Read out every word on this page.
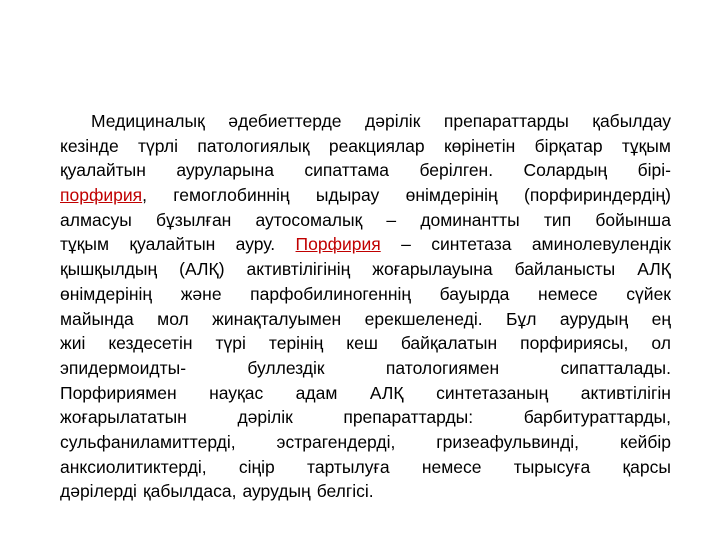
Медициналық әдебиеттерде дәрілік препараттарды қабылдау
кезінде түрлі патологиялық реакциялар көрінетін бірқатар тұқым
қуалайтын ауруларына сипаттама берілген. Солардың бірі-
порфирия, гемоглобиннің ыдырау өнімдерінің (порфириндердің)
алмасуы бұзылған аутосомалық – доминантты тип бойынша
тұқым қуалайтын ауру. Порфирия – синтетаза аминолевулендік
қышқылдың (АЛҚ) активтілігінің жоғарылауына байланысты АЛҚ
өнімдерінің және парфобилиногеннің бауырда немесе сүйек
майында мол жинақталуымен ерекшеленеді. Бұл аурудың ең
жиі кездесетін түрі терінің кеш байқалатын порфириясы, ол
эпидермоидты-	буллездік	патологиямен	сипатталады.
Порфириямен науқас адам АЛҚ синтетазаның активтілігін
жоғарылататын	дәрілік	препараттарды:	барбитураттарды,
сульфаниламиттерді, эстрагендерді, гризеафульвинді, кейбір
анксиолитиктерді, сіңір тартылуға немесе тырысуға қарсы
дәрілерді қабылдаса, аурудың белгісі.
